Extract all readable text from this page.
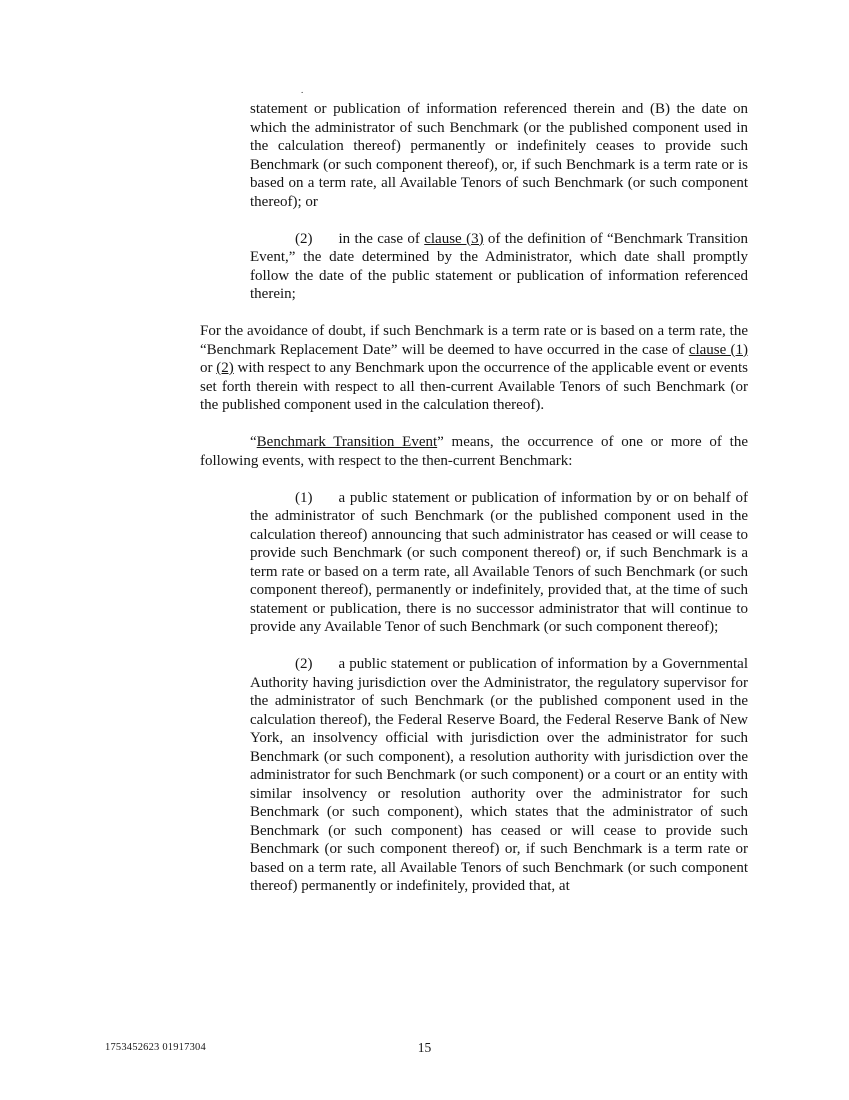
.

statement or publication of information referenced therein and (B) the date on which the administrator of such Benchmark (or the published component used in the calculation thereof) permanently or indefinitely ceases to provide such Benchmark (or such component thereof), or, if such Benchmark is a term rate or is based on a term rate, all Available Tenors of such Benchmark (or such component thereof); or

(2) in the case of clause (3) of the definition of “Benchmark Transition Event,” the date determined by the Administrator, which date shall promptly follow the date of the public statement or publication of information referenced therein;

For the avoidance of doubt, if such Benchmark is a term rate or is based on a term rate, the “Benchmark Replacement Date” will be deemed to have occurred in the case of clause (1) or (2) with respect to any Benchmark upon the occurrence of the applicable event or events set forth therein with respect to all then-current Available Tenors of such Benchmark (or the published component used in the calculation thereof).

“Benchmark Transition Event” means, the occurrence of one or more of the following events, with respect to the then-current Benchmark:

(1) a public statement or publication of information by or on behalf of the administrator of such Benchmark (or the published component used in the calculation thereof) announcing that such administrator has ceased or will cease to provide such Benchmark (or such component thereof) or, if such Benchmark is a term rate or based on a term rate, all Available Tenors of such Benchmark (or such component thereof), permanently or indefinitely, provided that, at the time of such statement or publication, there is no successor administrator that will continue to provide any Available Tenor of such Benchmark (or such component thereof);

(2) a public statement or publication of information by a Governmental Authority having jurisdiction over the Administrator, the regulatory supervisor for the administrator of such Benchmark (or the published component used in the calculation thereof), the Federal Reserve Board, the Federal Reserve Bank of New York, an insolvency official with jurisdiction over the administrator for such Benchmark (or such component), a resolution authority with jurisdiction over the administrator for such Benchmark (or such component) or a court or an entity with similar insolvency or resolution authority over the administrator for such Benchmark (or such component), which states that the administrator of such Benchmark (or such component) has ceased or will cease to provide such Benchmark (or such component thereof) or, if such Benchmark is a term rate or based on a term rate, all Available Tenors of such Benchmark (or such component thereof) permanently or indefinitely, provided that, at

1753452623 01917304	15
